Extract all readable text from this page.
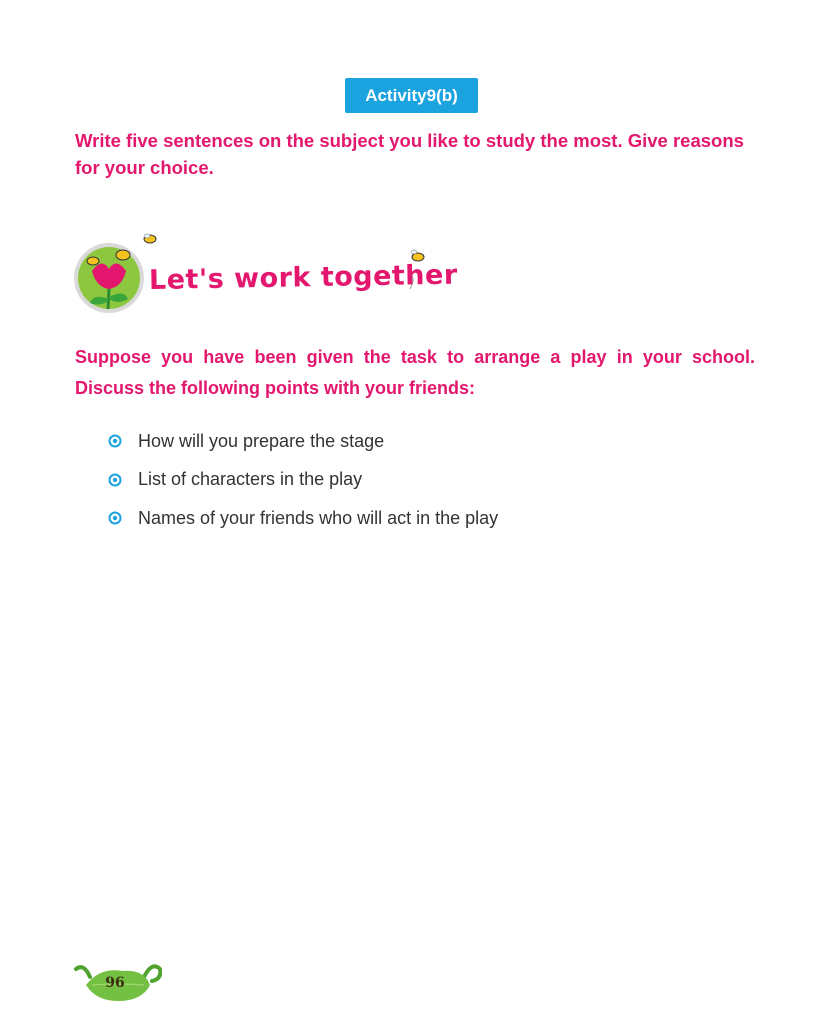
Activity9(b)
Write five sentences on the subject you like to study the most. Give reasons for your choice.
Let's work together
Suppose you have been given the task to arrange a play in your school.
Discuss the following points with your friends:
How will you prepare the stage
List of characters in the play
Names of your friends who will act in the play
96
